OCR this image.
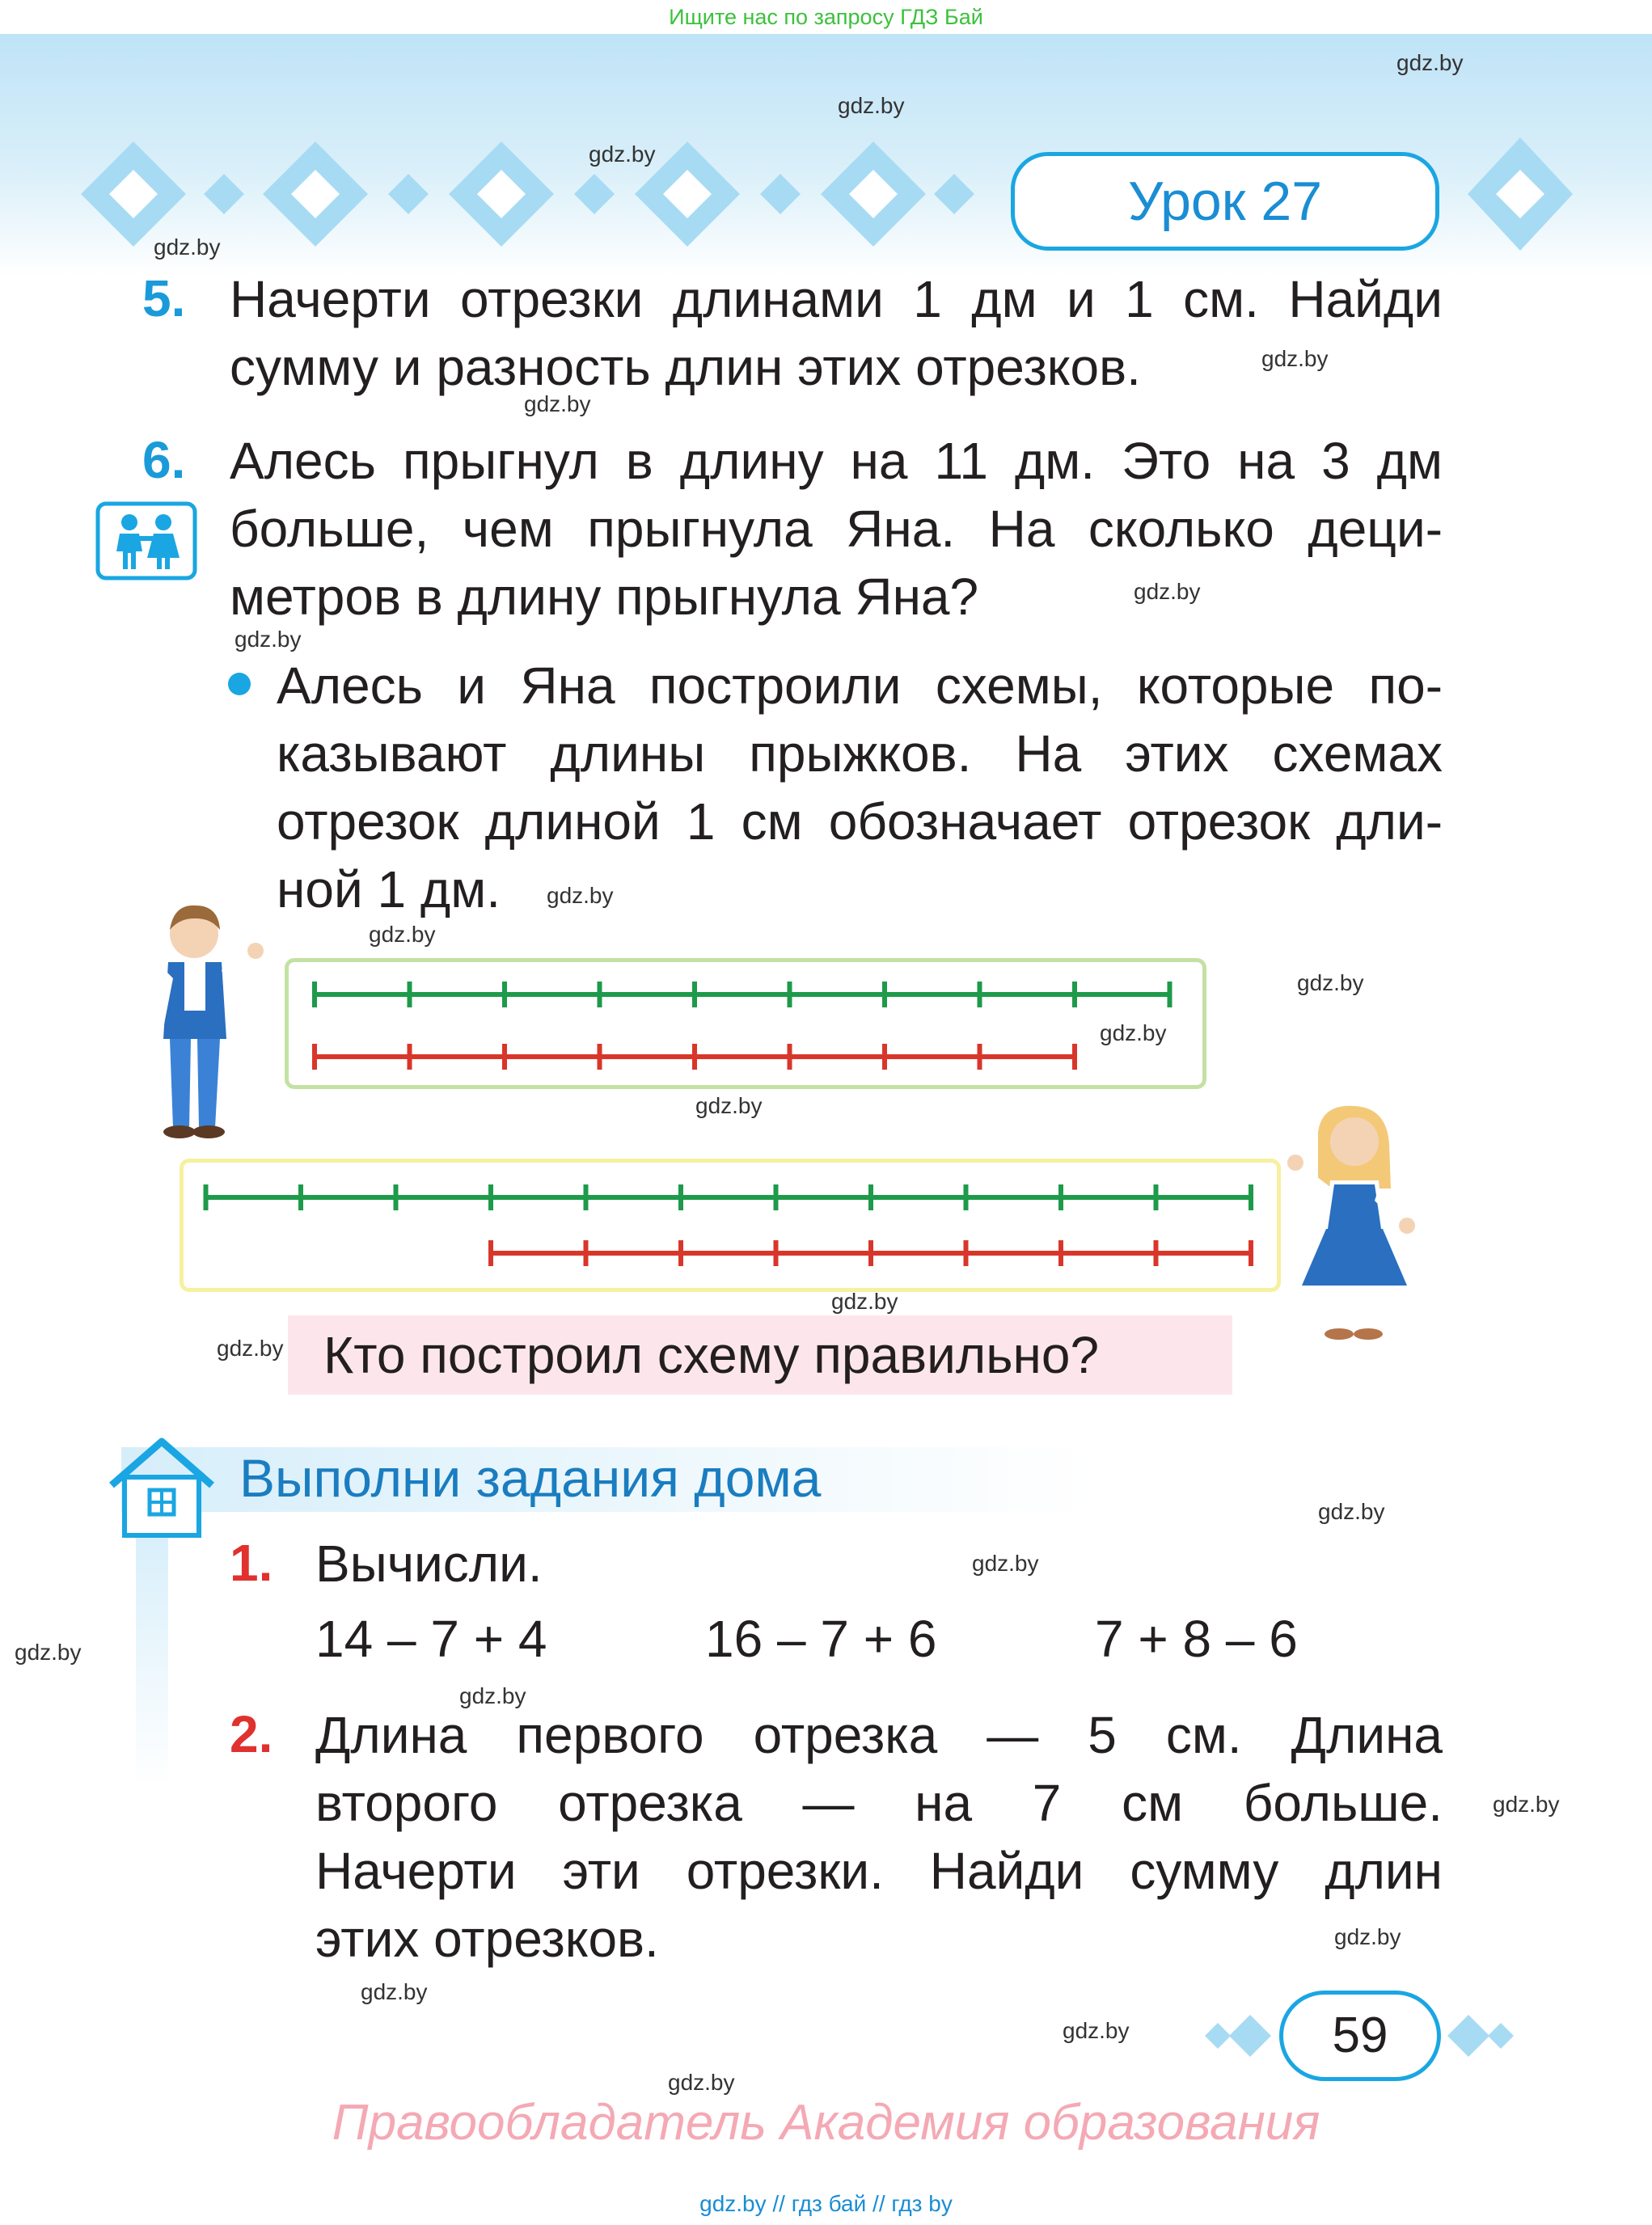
Ищите нас по запросу ГДЗ Бай
Урок 27
gdz.by
gdz.by
gdz.by
gdz.by
gdz.by
gdz.by
gdz.by
gdz.by
gdz.by
gdz.by
gdz.by
gdz.by
gdz.by
gdz.by
gdz.by
gdz.by
gdz.by
gdz.by
gdz.by
gdz.by
gdz.by
gdz.by
gdz.by
gdz.by
5. Начерти отрезки длинами 1 дм и 1 см. Найди
сумму и разность длин этих отрезков.
6. Алесь прыгнул в длину на 11 дм. Это на 3 дм
больше, чем прыгнула Яна. На сколько деци-
метров в длину прыгнула Яна?
Алесь и Яна построили схемы, которые по-
казывают длины прыжков. На этих схемах
отрезок длиной 1 см обозначает отрезок дли-
ной 1 дм.
Кто построил схему правильно?
Выполни задания дома
1. Вычисли.
14 – 7 + 4	16 – 7 + 6	7 + 8 – 6
2. Длина первого отрезка — 5 см. Длина
второго отрезка — на 7 см больше.
Начерти эти отрезки. Найди сумму длин
этих отрезков.
59
Правообладатель Академия образования
gdz.by // гдз бай // гдз by
